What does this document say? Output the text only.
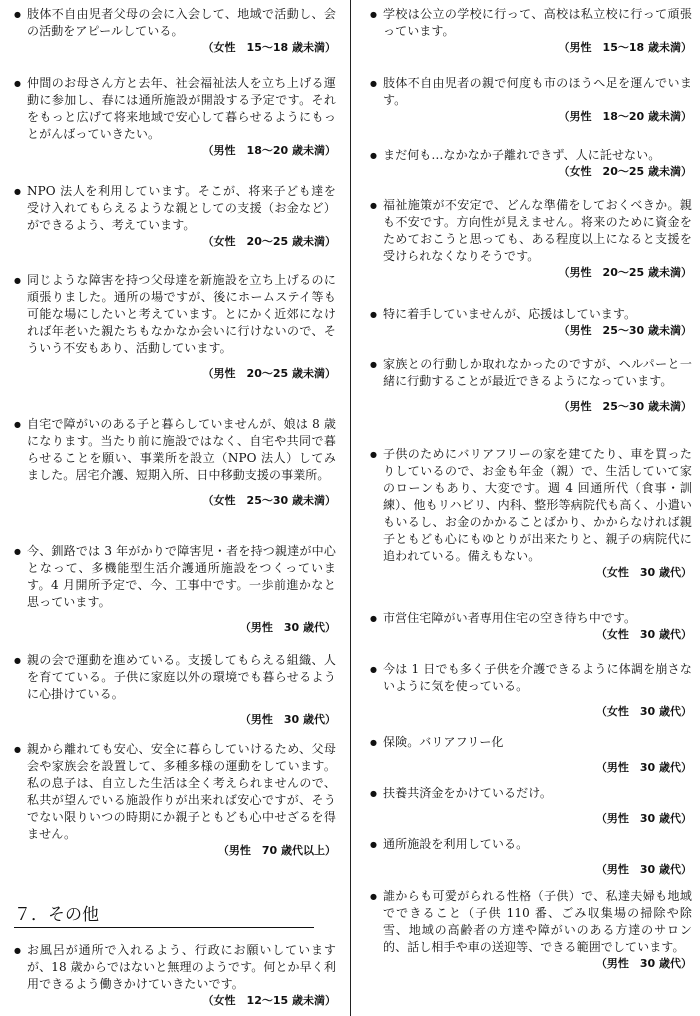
● 肢体不自由児者父母の会に入会して、地域で活動し、会の活動をアピールしている。
（女性　15～18 歳未満）
● 仲間のお母さん方と去年、社会福祉法人を立ち上げる運動に参加し、春には通所施設が開設する予定です。それをもっと広げて将来地域で安心して暮らせるようにもっとがんばっていきたい。
（男性　18～20 歳未満）
● NPO 法人を利用しています。そこが、将来子ども達を受け入れてもらえるような親としての支援（お金など）ができるよう、考えています。
（女性　20～25 歳未満）
● 同じような障害を持つ父母達を新施設を立ち上げるのに頑張りました。通所の場ですが、後にホームステイ等も可能な場にしたいと考えています。とにかく近郊になければ年老いた親たちもなかなか会いに行けないので、そういう不安もあり、活動しています。
（男性　20～25 歳未満）
● 自宅で障がいのある子と暮らしていませんが、娘は 8 歳になります。当たり前に施設ではなく、自宅や共同で暮らせることを願い、事業所を設立（NPO 法人）してみました。居宅介護、短期入所、日中移動支援の事業所。
（女性　25～30 歳未満）
● 今、釧路では 3 年がかりで障害児・者を持つ親達が中心となって、多機能型生活介護通所施設をつくっています。4 月開所予定で、今、工事中です。一歩前進かなと思っています。
（男性　30 歳代）
● 親の会で運動を進めている。支援してもらえる組織、人を育てている。子供に家庭以外の環境でも暮らせるように心掛けている。
（男性　30 歳代）
● 親から離れても安心、安全に暮らしていけるため、父母会や家族会を設置して、多種多様の運動をしています。私の息子は、自立した生活は全く考えられませんので、私共が望んでいる施設作りが出来れば安心ですが、そうでない限りいつの時期にか親子ともども心中せざるを得ません。
（男性　70 歳代以上）
７．その他
● お風呂が通所で入れるよう、行政にお願いしていますが、18 歳からではないと無理のようです。何とか早く利用できるよう働きかけていきたいです。
（女性　12～15 歳未満）
● 学校は公立の学校に行って、高校は私立校に行って頑張っています。
（男性　15～18 歳未満）
● 肢体不自由児者の親で何度も市のほうへ足を運んでいます。
（男性　18～20 歳未満）
● まだ何も…なかなか子離れできず、人に託せない。
（女性　20～25 歳未満）
● 福祉施策が不安定で、どんな準備をしておくべきか。親も不安です。方向性が見えません。将来のために資金をためておこうと思っても、ある程度以上になると支援を受けられなくなりそうです。
（男性　20～25 歳未満）
● 特に着手していませんが、応援はしています。
（男性　25～30 歳未満）
● 家族との行動しか取れなかったのですが、ヘルパーと一緒に行動することが最近できるようになっています。
（男性　25～30 歳未満）
● 子供のためにバリアフリーの家を建てたり、車を買ったりしているので、お金も年金（親）で、生活していて家のローンもあり、大変です。週 4 回通所代（食事・訓練）、他もリハビリ、内科、整形等病院代も高く、小遣いもいるし、お金のかかることばかり、かからなければ親子ともども心にもゆとりが出来たりと、親子の病院代に追われている。備えもない。
（女性　30 歳代）
● 市営住宅障がい者専用住宅の空き待ち中です。
（女性　30 歳代）
● 今は 1 日でも多く子供を介護できるように体調を崩さないように気を使っている。
（女性　30 歳代）
● 保険。バリアフリー化
（男性　30 歳代）
● 扶養共済金をかけているだけ。
（男性　30 歳代）
● 通所施設を利用している。
（男性　30 歳代）
● 誰からも可愛がられる性格（子供）で、私達夫婦も地域でできること（子供 110 番、ごみ収集場の掃除や除雪、地域の高齢者の方達や障がいのある方達のサロン的、話し相手や車の送迎等、できる範囲でしています。
（男性　30 歳代）
